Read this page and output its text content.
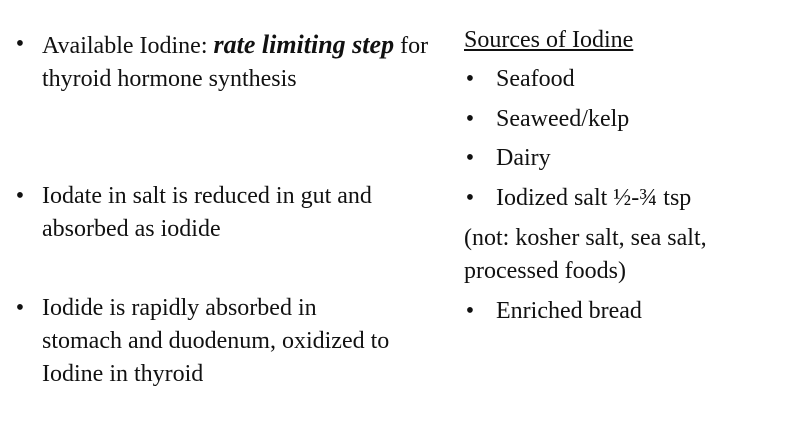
• Available Iodine: rate limiting step for thyroid hormone synthesis
• Iodate in salt is reduced in gut and absorbed as iodide
• Iodide is rapidly absorbed in stomach and duodenum, oxidized to Iodine in thyroid
Sources of Iodine
• Seafood
• Seaweed/kelp
• Dairy
• Iodized salt ½-¾ tsp
(not: kosher salt, sea salt, processed foods)
• Enriched bread
